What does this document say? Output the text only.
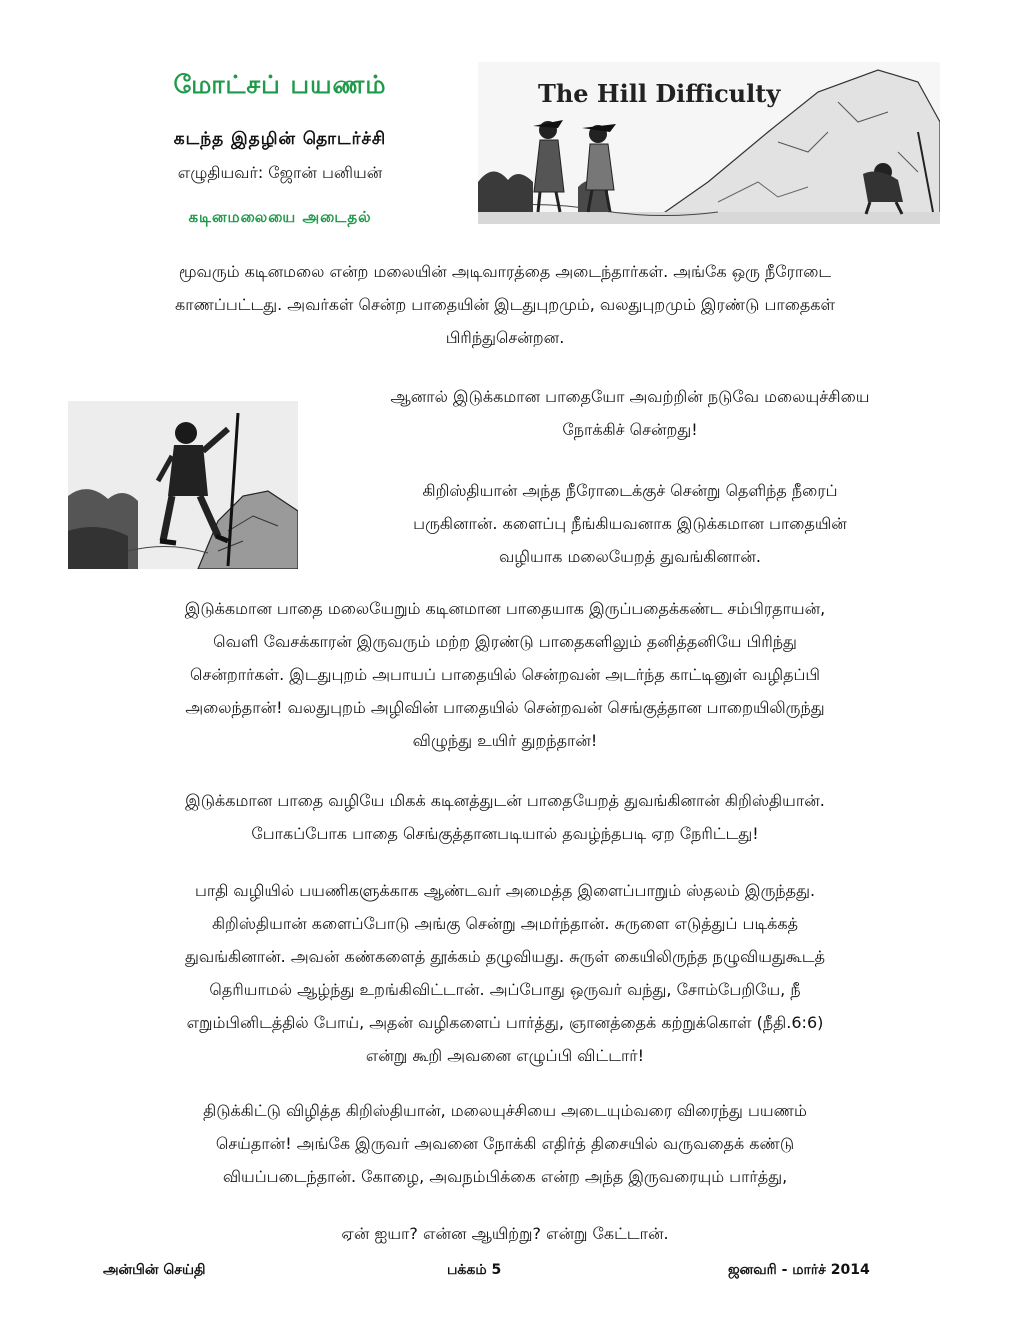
மோட்சப் பயணம்
கடந்த இதழின் தொடர்ச்சி
எழுதியவர்: ஜோன் பனியன்
கடினமலையை அடைதல்
The Hill Difficulty
மூவரும் கடினமலை என்ற மலையின் அடிவாரத்தை அடைந்தார்கள். அங்கே ஒரு நீரோடை
காணப்பட்டது. அவர்கள் சென்ற பாதையின் இடதுபுறமும், வலதுபுறமும் இரண்டு பாதைகள்
பிரிந்துசென்றன.
ஆனால் இடுக்கமான பாதையோ அவற்றின் நடுவே மலையுச்சியை
நோக்கிச் சென்றது!
கிறிஸ்தியான் அந்த நீரோடைக்குச் சென்று தெளிந்த நீரைப்
பருகினான். களைப்பு நீங்கியவனாக இடுக்கமான பாதையின்
வழியாக மலையேறத் துவங்கினான்.
இடுக்கமான பாதை மலையேறும் கடினமான பாதையாக இருப்பதைக்கண்ட சம்பிரதாயன்,
வெளி வேசக்காரன் இருவரும் மற்ற இரண்டு பாதைகளிலும் தனித்தனியே பிரிந்து
சென்றார்கள். இடதுபுறம் அபாயப் பாதையில் சென்றவன் அடர்ந்த காட்டினுள் வழிதப்பி
அலைந்தான்! வலதுபுறம் அழிவின் பாதையில் சென்றவன் செங்குத்தான பாறையிலிருந்து
விழுந்து உயிர் துறந்தான்!
இடுக்கமான பாதை வழியே மிகக் கடினத்துடன் பாதையேறத் துவங்கினான் கிறிஸ்தியான்.
போகப்போக பாதை செங்குத்தானபடியால் தவழ்ந்தபடி ஏற நேரிட்டது!
பாதி வழியில் பயணிகளுக்காக ஆண்டவர் அமைத்த இளைப்பாறும் ஸ்தலம் இருந்தது.
கிறிஸ்தியான் களைப்போடு அங்கு சென்று அமர்ந்தான். சுருளை எடுத்துப் படிக்கத்
துவங்கினான். அவன் கண்களைத் தூக்கம் தழுவியது. சுருள் கையிலிருந்த நழுவியதுகூடத்
தெரியாமல் ஆழ்ந்து உறங்கிவிட்டான். அப்போது ஒருவர் வந்து, சோம்பேறியே, நீ
எறும்பினிடத்தில் போய், அதன் வழிகளைப் பார்த்து, ஞானத்தைக் கற்றுக்கொள் (நீதி.6:6)
என்று கூறி அவனை எழுப்பி விட்டார்!
திடுக்கிட்டு விழித்த கிறிஸ்தியான், மலையுச்சியை அடையும்வரை விரைந்து பயணம்
செய்தான்! அங்கே இருவர் அவனை நோக்கி எதிர்த் திசையில் வருவதைக் கண்டு
வியப்படைந்தான். கோழை, அவநம்பிக்கை என்ற அந்த இருவரையும் பார்த்து,
ஏன் ஐயா? என்ன ஆயிற்று? என்று கேட்டான்.
அன்பின் செய்தி	பக்கம் 5	ஜனவரி - மார்ச் 2014
